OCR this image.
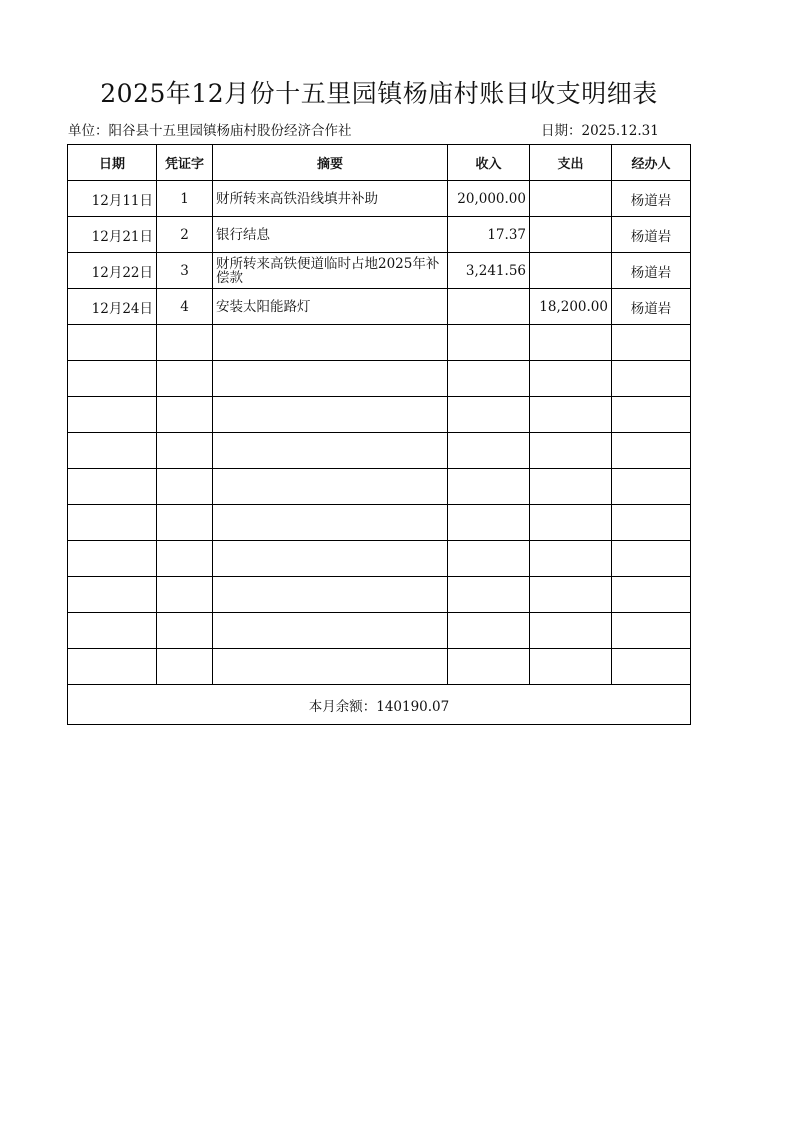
2025年12月份十五里园镇杨庙村账目收支明细表
单位：阳谷县十五里园镇杨庙村股份经济合作社	日期：2025.12.31
日期	凭证字	摘要	收入	支出	经办人
12月11日	1	财所转来高铁沿线填井补助	20,000.00		杨道岩
12月21日	2	银行结息	17.37		杨道岩
12月22日	3	财所转来高铁便道临时占地2025年补偿款	3,241.56		杨道岩
12月24日	4	安装太阳能路灯		18,200.00	杨道岩

本月余额：140190.07					
